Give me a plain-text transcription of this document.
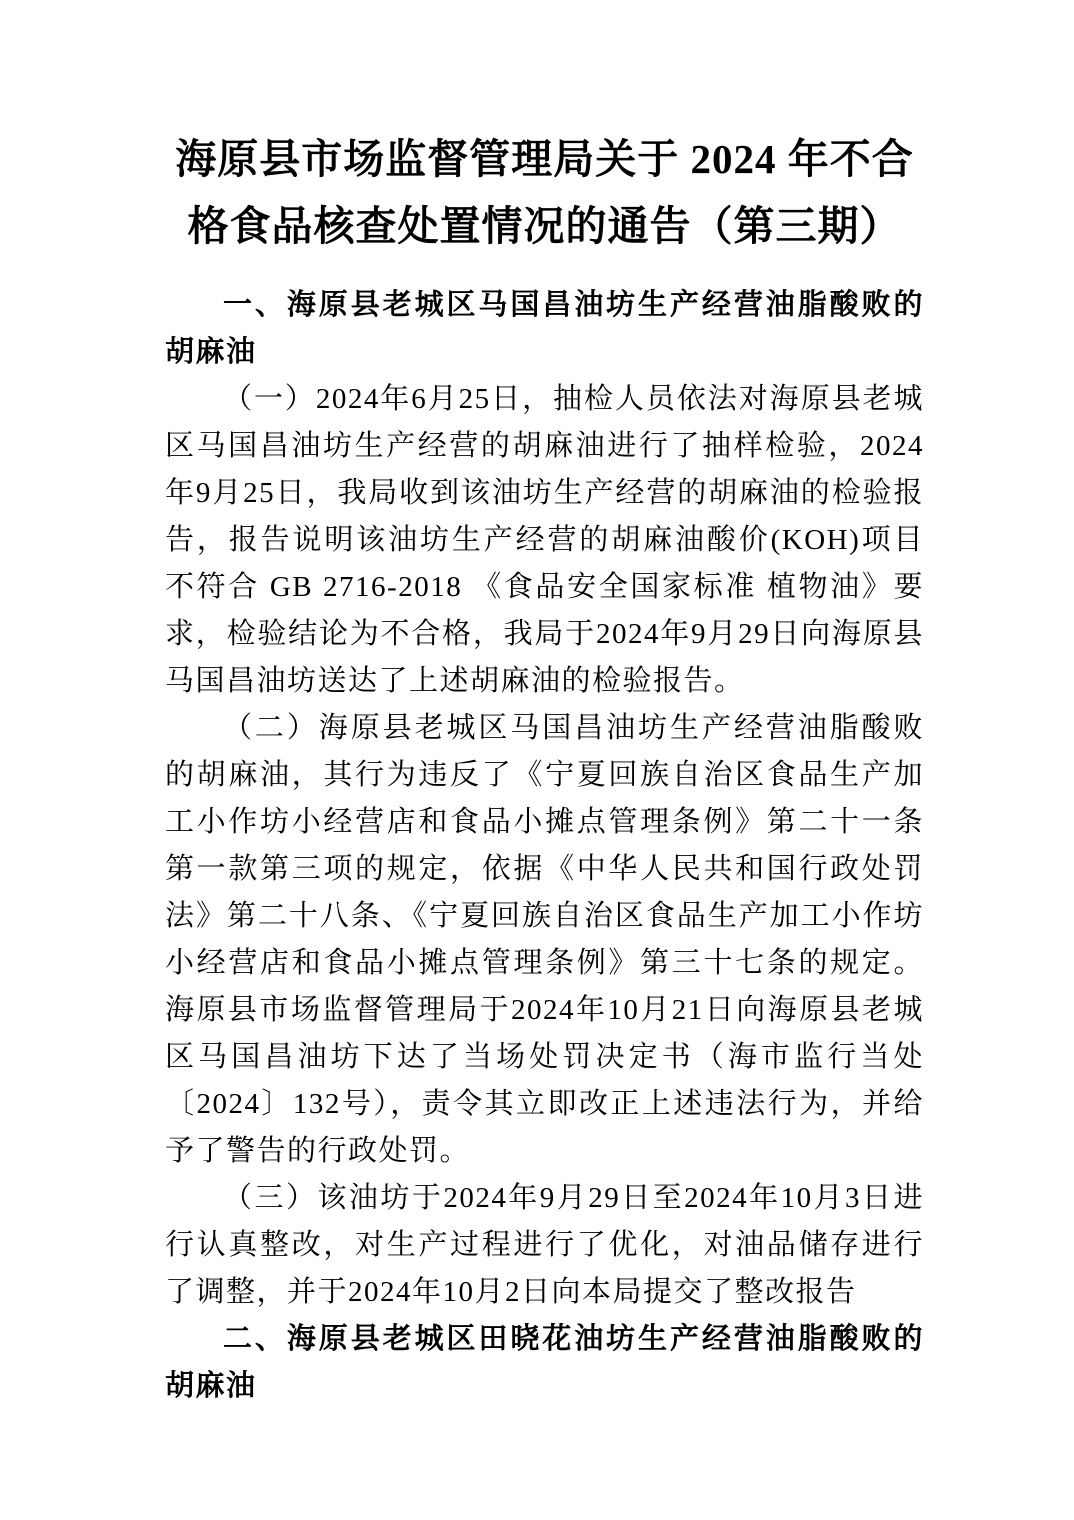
海原县市场监督管理局关于 2024 年不合格食品核查处置情况的通告（第三期）
一、海原县老城区马国昌油坊生产经营油脂酸败的胡麻油

（一）2024年6月25日，抽检人员依法对海原县老城区马国昌油坊生产经营的胡麻油进行了抽样检验，2024年9月25日，我局收到该油坊生产经营的胡麻油的检验报告，报告说明该油坊生产经营的胡麻油酸价(KOH)项目不符合 GB 2716-2018 《食品安全国家标准 植物油》要求，检验结论为不合格，我局于2024年9月29日向海原县马国昌油坊送达了上述胡麻油的检验报告。

（二）海原县老城区马国昌油坊生产经营油脂酸败的胡麻油，其行为违反了《宁夏回族自治区食品生产加工小作坊小经营店和食品小摊点管理条例》第二十一条第一款第三项的规定，依据《中华人民共和国行政处罚法》第二十八条、《宁夏回族自治区食品生产加工小作坊小经营店和食品小摊点管理条例》第三十七条的规定。海原县市场监督管理局于2024年10月21日向海原县老城区马国昌油坊下达了当场处罚决定书（海市监行当处〔2024〕132号），责令其立即改正上述违法行为，并给予了警告的行政处罚。

（三）该油坊于2024年9月29日至2024年10月3日进行认真整改，对生产过程进行了优化，对油品储存进行了调整，并于2024年10月2日向本局提交了整改报告

二、海原县老城区田晓花油坊生产经营油脂酸败的胡麻油
